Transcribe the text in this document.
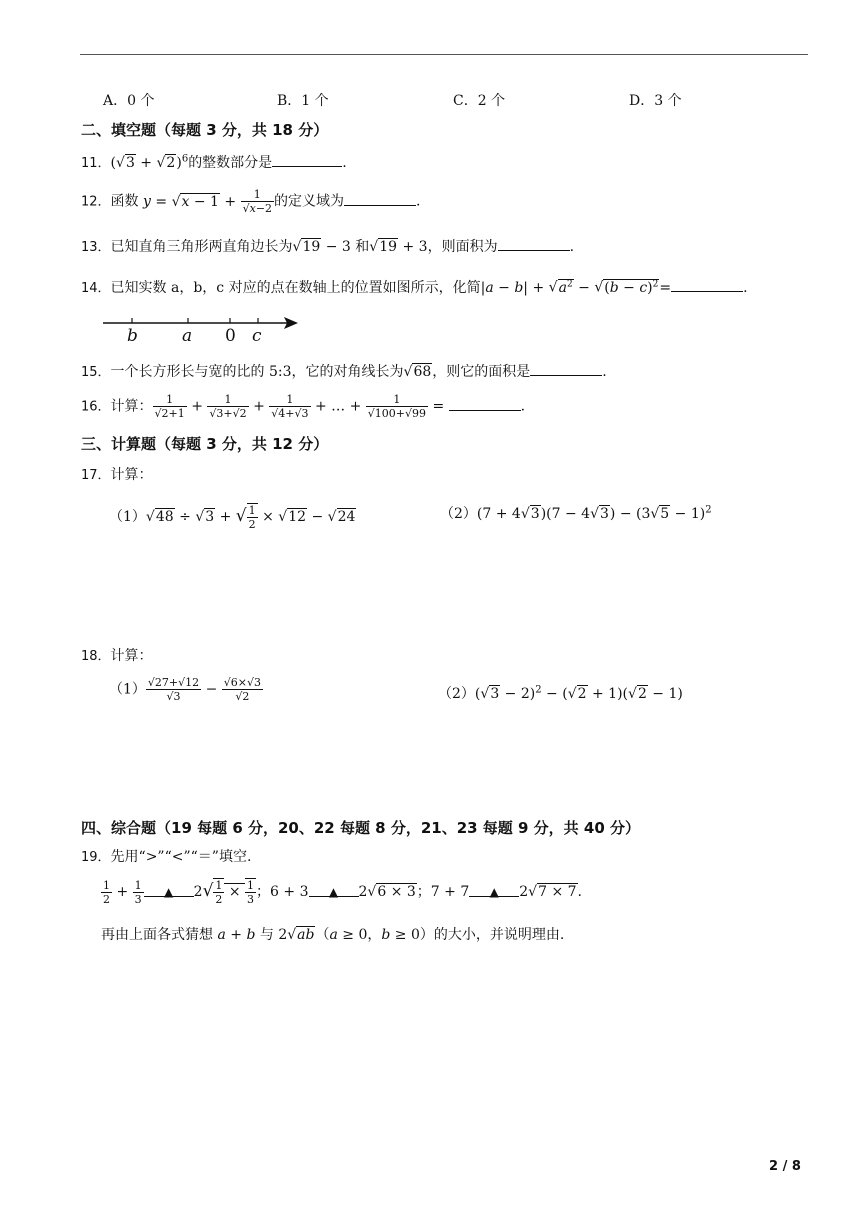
A．0 个	B．1 个	C．2 个	D．3 个
二、填空题（每题 3 分，共 18 分）
11．$(√3 + √2)^6$的整数部分是	.
12．函数 $y = √x - 1 + \frac{1}{√x-2}$ 的定义域为	.
13．已知直角三角形两直角边长为√19 − 3 和√19 + 3，则面积为	.
14．已知实数 a，b，c 对应的点在数轴上的位置如图所示，化简$|a - b| + √a^2 - √(b - c)^2=$	.
b	a 0 c
15．一个长方形长与宽的比的 5:3，它的对角线长为√68，则它的面积是	.
16．计算： $\frac{1}{√2+1} + \frac{1}{√3+√2} + \frac{1}{√4+√3}$ + … + $\frac{1}{√100+√99}$ =	.
三、计算题（每题 3 分，共 12 分）
17．计算：
（1）√48 ÷ √3 + √ $\frac{1}{2} \times √12 - √24$	$(2)(7 + 4√3)(7 - 4√3) - (3√5 - 1)^2$
18．计算：
$(1) \frac{√27+√12}{√3} - \frac{√6\times√3}{√2}$	$(2)(√3 - 2)^2 - (√2 + 1)(√2 - 1)$
四、综合题（19 每题 6 分，20、22 每题 8 分，21、23 每题 9 分，共 40 分）
19．先用“>”“<”“＝”填空.
$\frac{1}{2} + \frac{1}{3}$ ▲ $2√ \frac{1}{2} \times \frac{1}{3}$ ；6 + 3 ▲ 2√6 × 3；7 + 7 ▲ 2√7 × 7.
再由上面各式猜想 a + b 与 2√ab（a ≥ 0，b ≥ 0）的大小，并说明理由.
2 / 8
